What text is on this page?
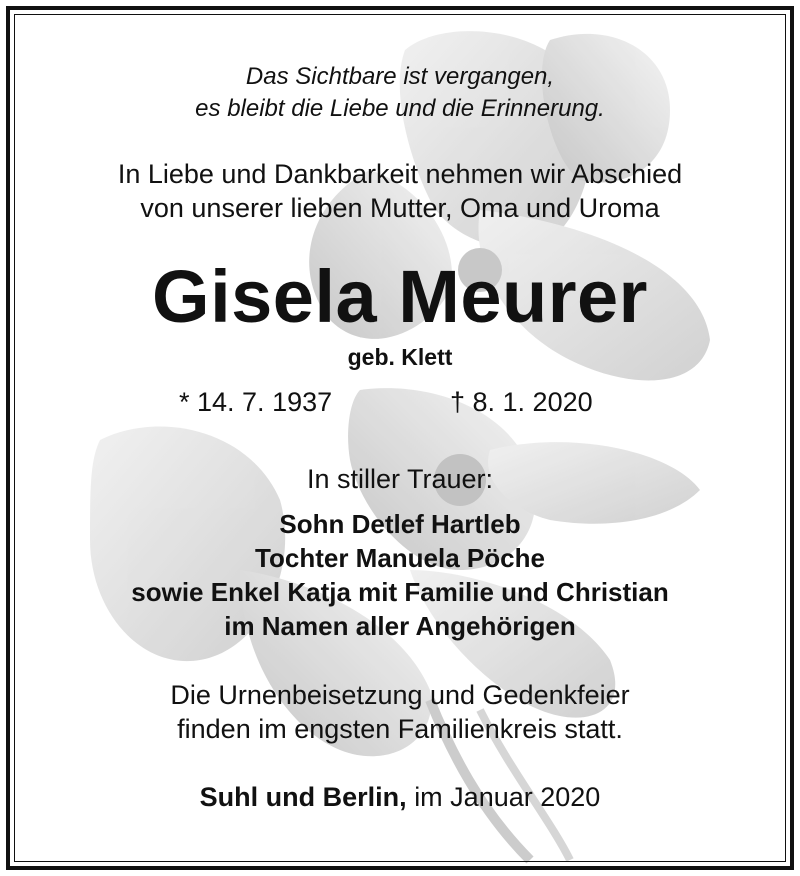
Das Sichtbare ist vergangen,
es bleibt die Liebe und die Erinnerung.
In Liebe und Dankbarkeit nehmen wir Abschied
von unserer lieben Mutter, Oma und Uroma
Gisela Meurer
geb. Klett
* 14. 7. 1937	† 8. 1. 2020
In stiller Trauer:
Sohn Detlef Hartleb
Tochter Manuela Pöche
sowie Enkel Katja mit Familie und Christian
im Namen aller Angehörigen
Die Urnenbeisetzung und Gedenkfeier
finden im engsten Familienkreis statt.
Suhl und Berlin, im Januar 2020
